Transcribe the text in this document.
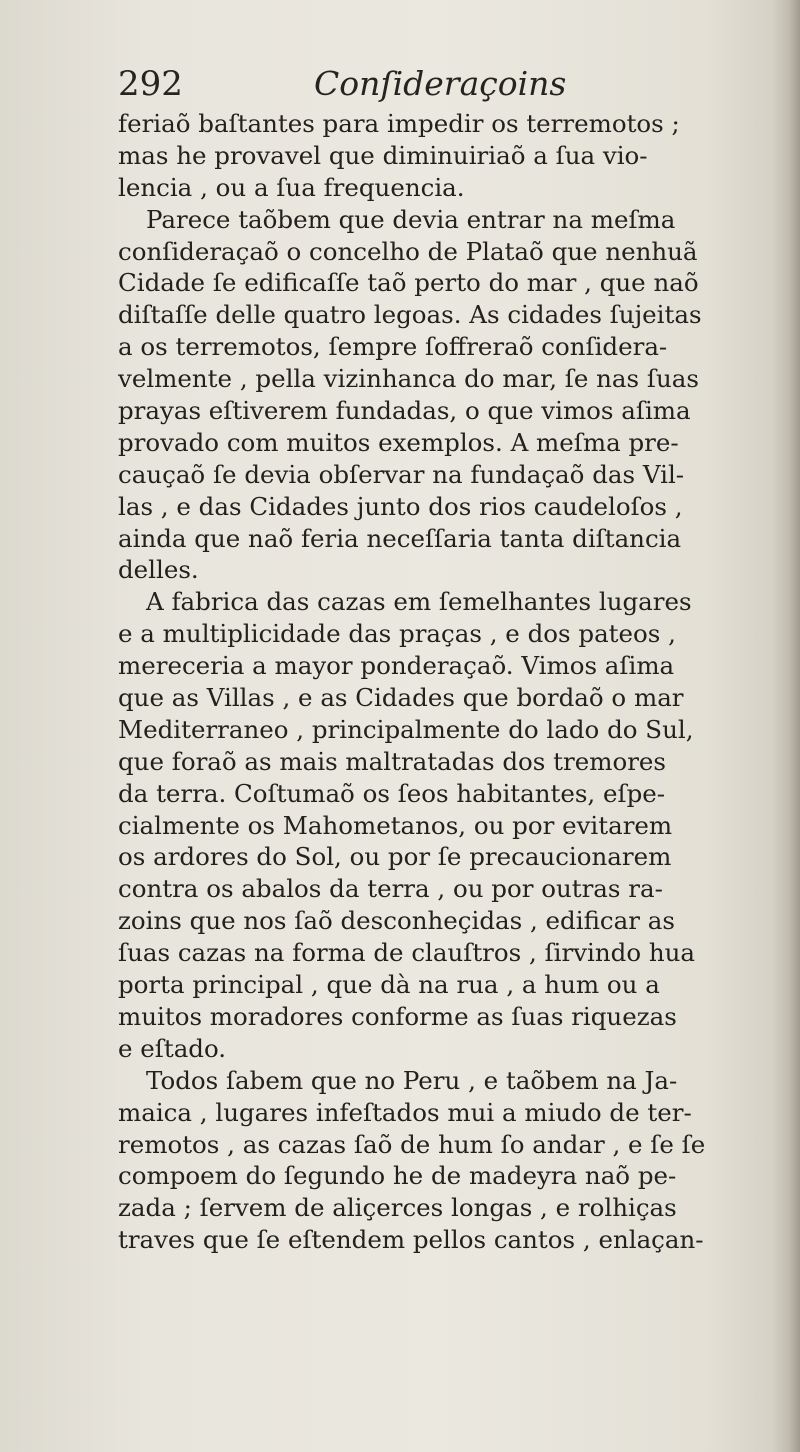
292	Conſideraçoins
feriaõ baſtantes para impedir os terremotos ;
mas he provavel que diminuiriaõ a ſua vio-
lencia , ou a ſua frequencia.
Parece taõbem que devia entrar na meſma
conſideraçaõ o concelho de Plataõ que nenhuã
Cidade ſe edificaſſe taõ perto do mar , que naõ
diſtaſſe delle quatro legoas. As cidades ſujeitas
a os terremotos, ſempre ſoffreraõ conſidera-
velmente , pella vizinhanca do mar, ſe nas ſuas
prayas eſtiverem fundadas, o que vimos aſima
provado com muitos exemplos. A meſma pre-
cauçaõ ſe devia obſervar na fundaçaõ das Vil-
las , e das Cidades junto dos rios caudeloſos ,
ainda que naõ feria neceſſaria tanta diſtancia
delles.
A fabrica das cazas em ſemelhantes lugares
e a multiplicidade das praças , e dos pateos ,
mereceria a mayor ponderaçaõ. Vimos aſima
que as Villas , e as Cidades que bordaõ o mar
Mediterraneo , principalmente do lado do Sul,
que foraõ as mais maltratadas dos tremores
da terra. Coſtumaõ os ſeos habitantes, eſpe-
cialmente os Mahometanos, ou por evitarem
os ardores do Sol, ou por ſe precaucionarem
contra os abalos da terra , ou por outras ra-
zoins que nos ſaõ desconheçidas , edificar as
ſuas cazas na forma de clauſtros , ſirvindo hua
porta principal , que dà na rua , a hum ou a
muitos moradores conforme as ſuas riquezas
e eſtado.
Todos ſabem que no Peru , e taõbem na Ja-
maica , lugares infeſtados mui a miudo de ter-
remotos , as cazas ſaõ de hum ſo andar , e ſe ſe
compoem do ſegundo he de madeyra naõ pe-
zada ; ſervem de aliçerces longas , e rolhiças
traves que ſe eſtendem pellos cantos , enlaçan-
